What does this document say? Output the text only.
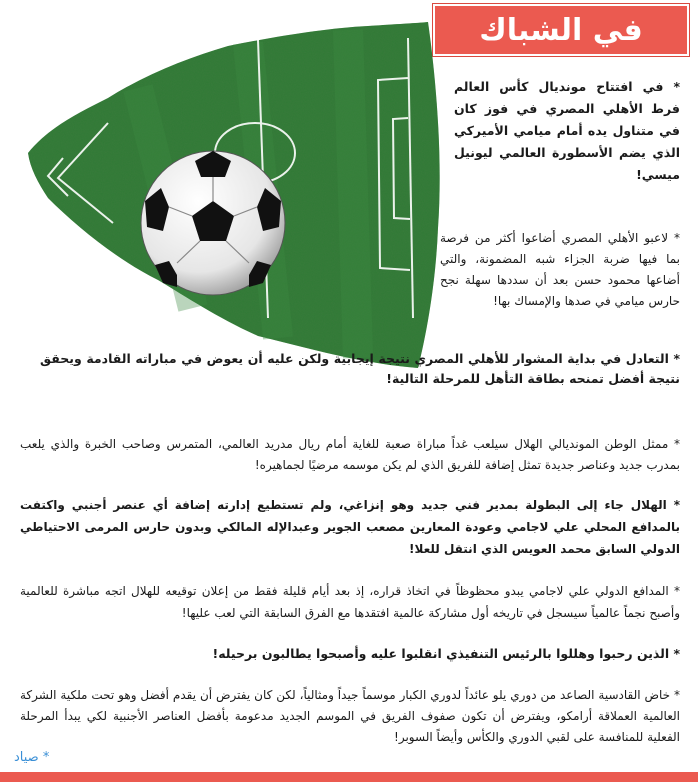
في الشباك

* في افتتاح مونديال كأس العالم فرط الأهلي المصري في فوز كان في متناول يده أمام ميامي الأميركي الذي يضم الأسطورة العالمي ليونيل ميسي!

* لاعبو الأهلي المصري أضاعوا أكثر من فرصة بما فيها ضربة الجزاء شبه المضمونة، والتي أضاعها محمود حسن بعد أن سددها سهلة نجح حارس ميامي في صدها والإمساك بها!

* التعادل في بداية المشوار للأهلي المصري نتيجة إيجابية ولكن عليه أن يعوض في مباراته القادمة ويحقق نتيجة أفضل تمنحه بطاقة التأهل للمرحلة التالية!

* ممثل الوطن المونديالي الهلال سيلعب غداً مباراة صعبة للغاية أمام ريال مدريد العالمي، المتمرس وصاحب الخبرة والذي يلعب بمدرب جديد وعناصر جديدة تمثل إضافة للفريق الذي لم يكن موسمه مرضيًا لجماهيره!

* الهلال جاء إلى البطولة بمدير فني جديد وهو إنزاغي، ولم تستطيع إدارته إضافة أي عنصر أجنبي واكتفت بالمدافع المحلي علي لاجامي وعودة المعارين مصعب الجوير وعبدالإله المالكي وبدون حارس المرمى الاحتياطي الدولي السابق محمد العويس الذي انتقل للعلا!

* المدافع الدولي علي لاجامي يبدو محظوظاً في اتخاذ قراره، إذ بعد أيام قليلة فقط من إعلان توقيعه للهلال اتجه مباشرة للعالمية وأصبح نجماً عالمياً سيسجل في تاريخه أول مشاركة عالمية افتقدها مع الفرق السابقة التي لعب عليها!

* الذين رحبوا وهللوا بالرئيس التنفيذي انقلبوا عليه وأصبحوا يطالبون برحيله!

* خاض القادسية الصاعد من دوري يلو عائداً لدوري الكبار موسماً جيداً ومثالياً، لكن كان يفترض أن يقدم أفضل وهو تحت ملكية الشركة العالمية العملاقة أرامكو، ويفترض أن تكون صفوف الفريق في الموسم الجديد مدعومة بأفضل العناصر الأجنبية لكي يبدأ المرحلة الفعلية للمنافسة على لقبي الدوري والكأس وأيضاً السوبر!

* صياد
